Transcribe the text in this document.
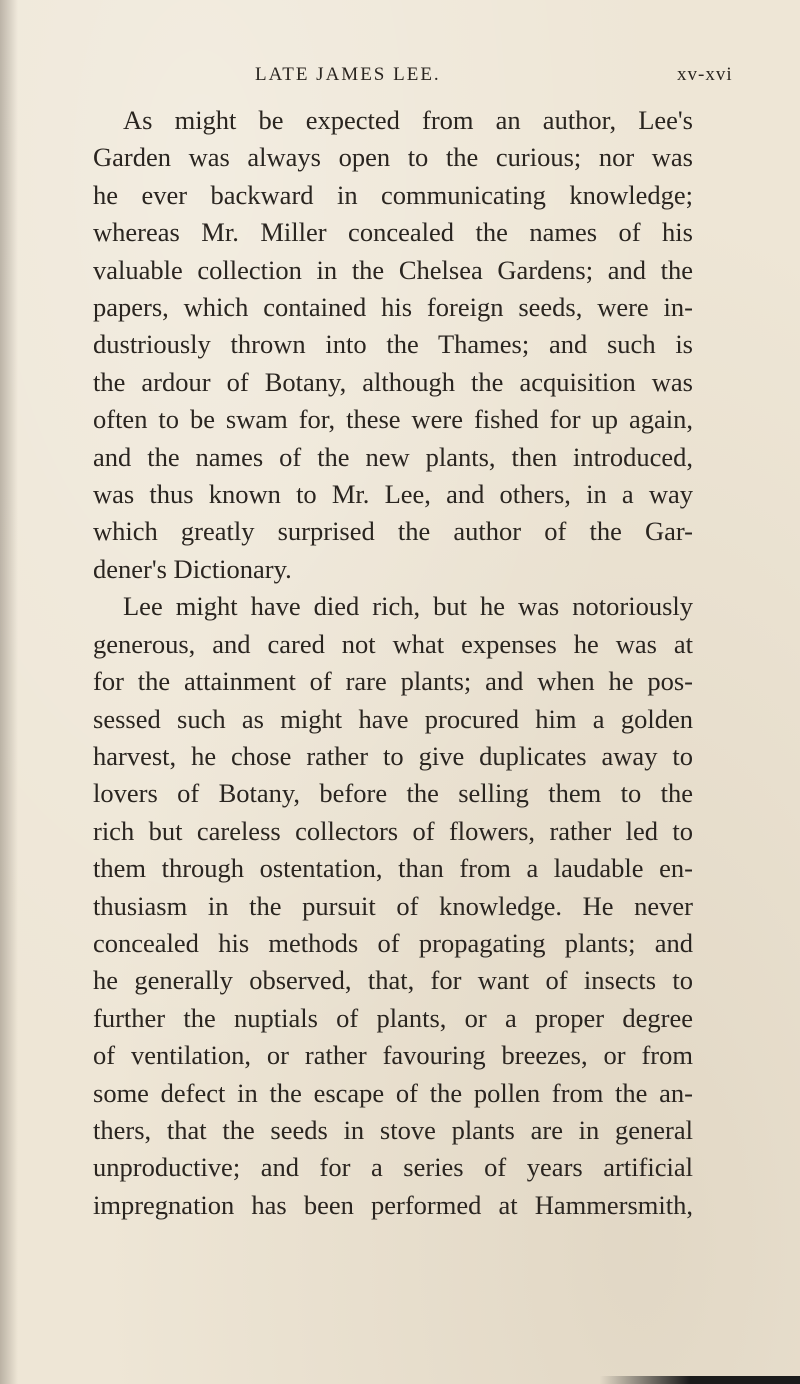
LATE JAMES LEE.	xv-xvi
As might be expected from an author, Lee's
Garden was always open to the curious; nor was
he ever backward in communicating knowledge;
whereas Mr. Miller concealed the names of his
valuable collection in the Chelsea Gardens; and the
papers, which contained his foreign seeds, were in-
dustriously thrown into the Thames; and such is
the ardour of Botany, although the acquisition was
often to be swam for, these were fished for up again,
and the names of the new plants, then introduced,
was thus known to Mr. Lee, and others, in a way
which greatly surprised the author of the Gar-
dener's Dictionary.
Lee might have died rich, but he was notoriously
generous, and cared not what expenses he was at
for the attainment of rare plants; and when he pos-
sessed such as might have procured him a golden
harvest, he chose rather to give duplicates away to
lovers of Botany, before the selling them to the
rich but careless collectors of flowers, rather led to
them through ostentation, than from a laudable en-
thusiasm in the pursuit of knowledge. He never
concealed his methods of propagating plants; and
he generally observed, that, for want of insects to
further the nuptials of plants, or a proper degree
of ventilation, or rather favouring breezes, or from
some defect in the escape of the pollen from the an-
thers, that the seeds in stove plants are in general
unproductive; and for a series of years artificial
impregnation has been performed at Hammersmith,
